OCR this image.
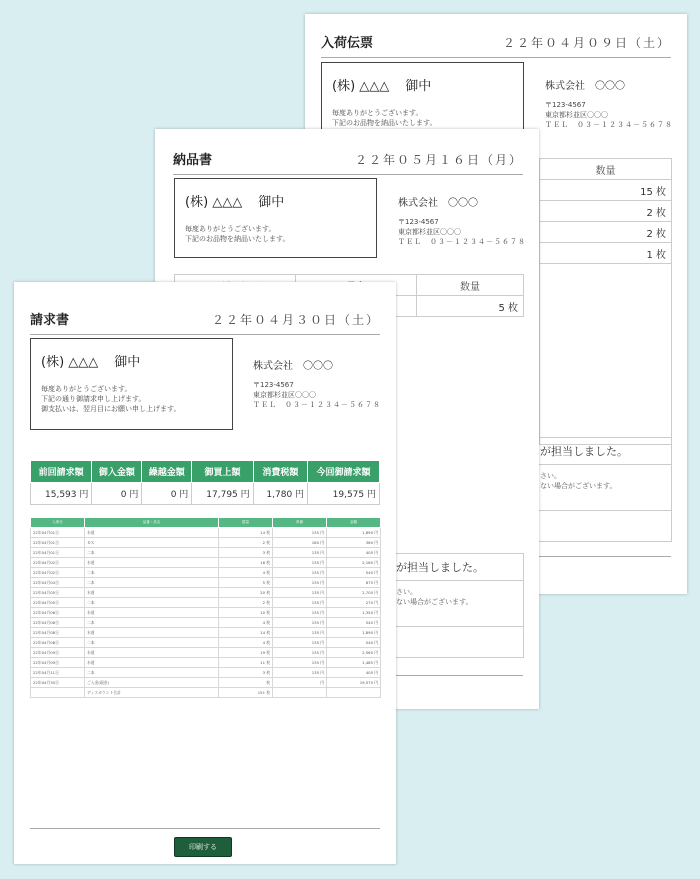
入荷伝票	２２年０４月０９日（土）
(株) △△△ 御中
毎度ありがとうございます。
下記のお品物を納品いたします。
株式会社　〇〇〇
〒123-4567
東京都杉並区〇〇〇
ＴＥＬ　０３－１２３４－５６７８
数量
15 枚
2 枚
2 枚
1 枚

が担当しました。
さい。
ない場合がございます。
納品書	２２年０５月１６日（月）
(株) △△△ 御中
毎度ありがとうございます。
下記のお品物を納品いたします。
株式会社　〇〇〇
〒123-4567
東京都杉並区〇〇〇
ＴＥＬ　０３－１２３４－５６７８
		数量
		5 枚
が担当しました。
さい。
ない場合がございます。
請求書	２２年０４月３０日（土）
(株) △△△ 御中
毎度ありがとうございます。
下記の通り御請求申し上げます。
御支払いは、翌月目にお願い申し上げます。
株式会社　〇〇〇
〒123-4567
東京都杉並区〇〇〇
ＴＥＬ　０３－１２３４－５６７８
前回請求額	御入金額	繰越金額	御買上額	消費税額	今回御請求額
15,593 円	0 円	0 円	17,795 円	1,780 円	19,575 円
入荷日	品番・品名	数量	単価	金額
22年04月01日	水道	14 枚	135 円	1,890 円
22年04月01日	ＤＸ	2 枚	180 円	360 円
22年04月01日	二本	3 枚	135 円	405 円
22年04月02日	水道	16 枚	135 円	2,160 円
22年04月02日	二本	4 枚	135 円	540 円
22年04月04日	二本	5 枚	135 円	675 円
22年04月05日	水道	20 枚	135 円	2,700 円
22年04月05日	二本	2 枚	135 円	270 円
22年04月06日	水道	10 枚	135 円	1,350 円
22年04月06日	二本	4 枚	135 円	540 円
22年04月08日	水道	14 枚	135 円	1,890 円
22年04月08日	二本	4 枚	135 円	540 円
22年04月09日	水道	19 枚	135 円	2,565 円
22年04月09日	水道	11 枚	135 円	1,485 円
22年04月11日	二本	3 枚	135 円	405 円
22年04月30日	ご入金(現金)	枚	円	19,575 円
	ディスカウント合計	151 枚		
印刷する
